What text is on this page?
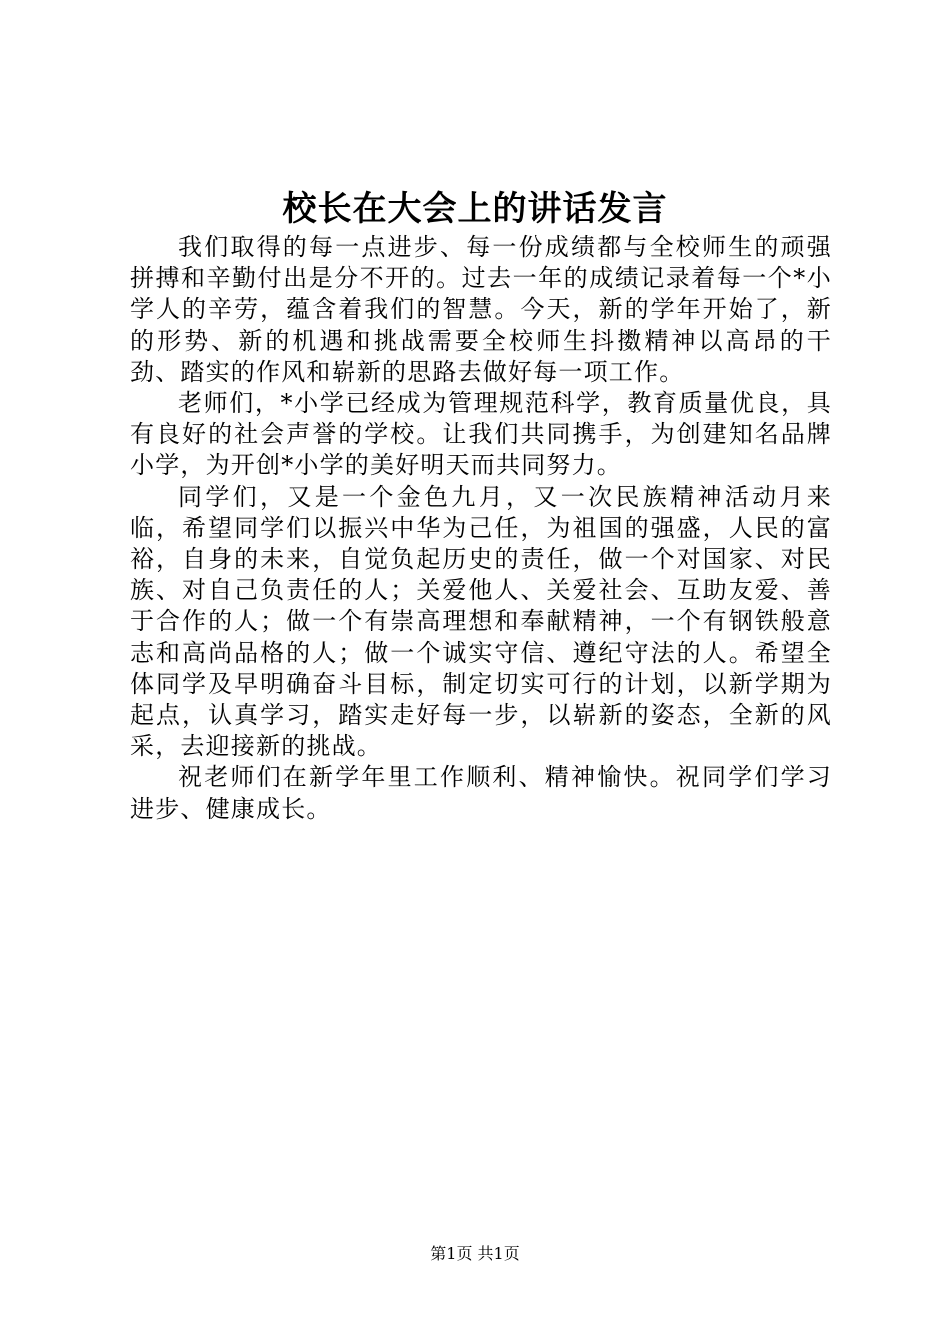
校长在大会上的讲话发言

我们取得的每一点进步、每一份成绩都与全校师生的顽强拼搏和辛勤付出是分不开的。过去一年的成绩记录着每一个*小学人的辛劳，蕴含着我们的智慧。今天，新的学年开始了，新的形势、新的机遇和挑战需要全校师生抖擞精神以高昂的干劲、踏实的作风和崭新的思路去做好每一项工作。

老师们，*小学已经成为管理规范科学，教育质量优良，具有良好的社会声誉的学校。让我们共同携手，为创建知名品牌小学，为开创*小学的美好明天而共同努力。

同学们，又是一个金色九月，又一次民族精神活动月来临，希望同学们以振兴中华为己任，为祖国的强盛，人民的富裕，自身的未来，自觉负起历史的责任，做一个对国家、对民族、对自己负责任的人；关爱他人、关爱社会、互助友爱、善于合作的人；做一个有崇高理想和奉献精神，一个有钢铁般意志和高尚品格的人；做一个诚实守信、遵纪守法的人。希望全体同学及早明确奋斗目标，制定切实可行的计划，以新学期为起点，认真学习，踏实走好每一步，以崭新的姿态，全新的风采，去迎接新的挑战。

祝老师们在新学年里工作顺利、精神愉快。祝同学们学习进步、健康成长。

第1页 共1页
